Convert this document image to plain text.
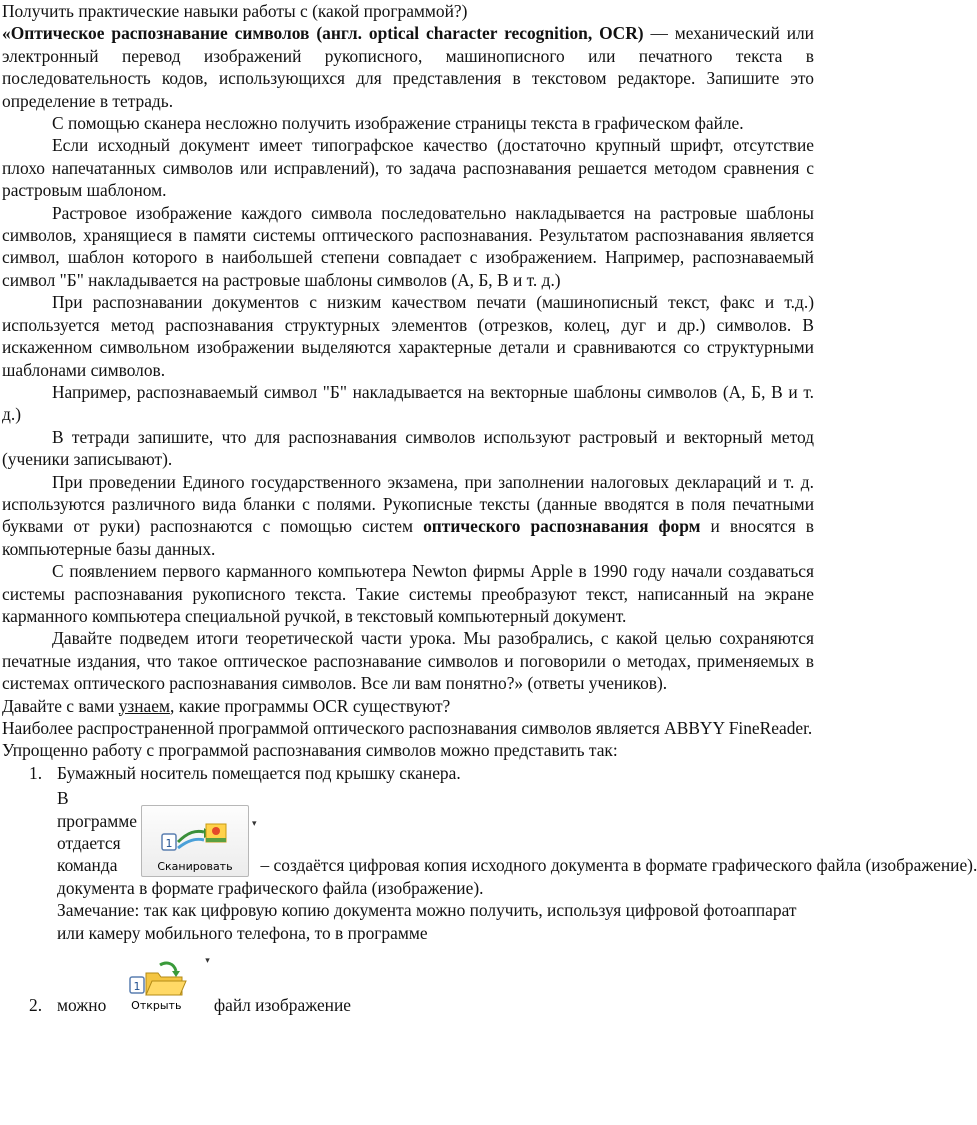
Получить практические навыки работы с (какой программой?)

«Оптическое распознавание символов (англ. optical character recognition, OCR) — механический или электронный перевод изображений рукописного, машинописного или печатного текста в последовательность кодов, использующихся для представления в текстовом редакторе. Запишите это определение в тетрадь.

С помощью сканера несложно получить изображение страницы текста в графическом файле.

Если исходный документ имеет типографское качество (достаточно крупный шрифт, отсутствие плохо напечатанных символов или исправлений), то задача распознавания решается методом сравнения с растровым шаблоном.

Растровое изображение каждого символа последовательно накладывается на растровые шаблоны символов, хранящиеся в памяти системы оптического распознавания. Результатом распознавания является символ, шаблон которого в наибольшей степени совпадает с изображением. Например, распознаваемый символ "Б" накладывается на растровые шаблоны символов (А, Б, В и т. д.)

При распознавании документов с низким качеством печати (машинописный текст, факс и т.д.) используется метод распознавания структурных элементов (отрезков, колец, дуг и др.) символов. В искаженном символьном изображении выделяются характерные детали и сравниваются со структурными шаблонами символов.

Например, распознаваемый символ "Б" накладывается на векторные шаблоны символов (А, Б, В и т. д.)

В тетради запишите, что для распознавания символов используют растровый и векторный метод (ученики записывают).

При проведении Единого государственного экзамена, при заполнении налоговых деклараций и т. д. используются различного вида бланки с полями. Рукописные тексты (данные вводятся в поля печатными буквами от руки) распознаются с помощью систем оптического распознавания форм и вносятся в компьютерные базы данных.

С появлением первого карманного компьютера Newton фирмы Apple в 1990 году начали создаваться системы распознавания рукописного текста. Такие системы преобразуют текст, написанный на экране карманного компьютера специальной ручкой, в текстовый компьютерный документ.

Давайте подведем итоги теоретической части урока. Мы разобрались, с какой целью сохраняются печатные издания, что такое оптическое распознавание символов и поговорили о методах, применяемых в системах оптического распознавания символов. Все ли вам понятно?» (ответы учеников).

Давайте с вами узнаем, какие программы OCR существуют?

Наиболее распространенной программой оптического распознавания символов является ABBYY FineReader.

Упрощенно работу с программой распознавания символов можно представить так:

1. Бумажный носитель помещается под крышку сканера.
2.
В программе отдается команда
1
Сканировать
▾
– создаётся цифровая копия исходного документа в формате графического файла (изображение).

документа в формате графического файла (изображение).

Замечание: так как цифровую копию документа можно получить, используя цифровой фотоаппарат или камеру мобильного телефона, то в программе

можно
1
Открыть
▾
файл изображение
